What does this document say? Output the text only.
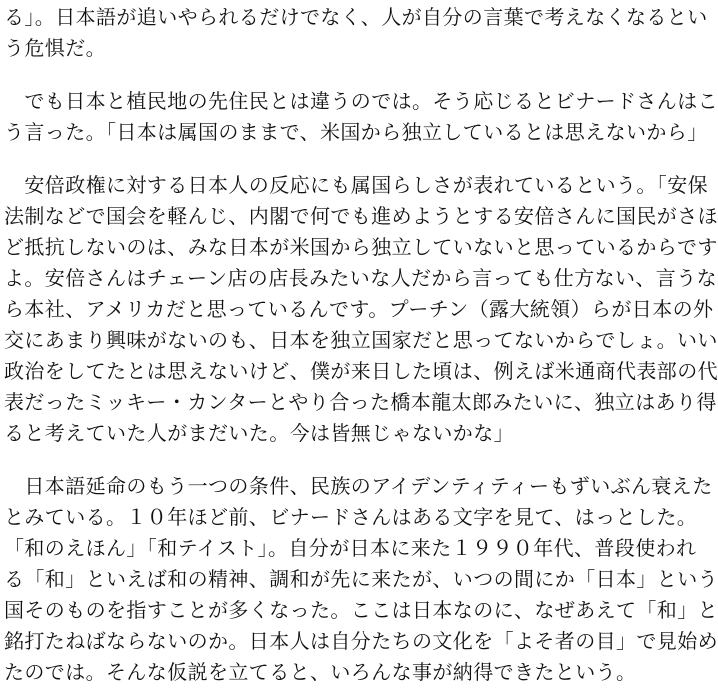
る」。日本語が追いやられるだけでなく、人が自分の言葉で考えなくなるとい
う危惧だ。
　でも日本と植民地の先住民とは違うのでは。そう応じるとビナードさんはこ
う言った。「日本は属国のままで、米国から独立しているとは思えないから」
　安倍政権に対する日本人の反応にも属国らしさが表れているという。「安保
法制などで国会を軽んじ、内閣で何でも進めようとする安倍さんに国民がさほ
ど抵抗しないのは、みな日本が米国から独立していないと思っているからです
よ。安倍さんはチェーン店の店長みたいな人だから言っても仕方ない、言うな
ら本社、アメリカだと思っているんです。プーチン（露大統領）らが日本の外
交にあまり興味がないのも、日本を独立国家だと思ってないからでしょ。いい
政治をしてたとは思えないけど、僕が来日した頃は、例えば米通商代表部の代
表だったミッキー・カンターとやり合った橋本龍太郎みたいに、独立はあり得
ると考えていた人がまだいた。今は皆無じゃないかな」
　日本語延命のもう一つの条件、民族のアイデンティティーもずいぶん衰えた
とみている。１０年ほど前、ビナードさんはある文字を見て、はっとした。
「和のえほん」「和テイスト」。自分が日本に来た１９９０年代、普段使われ
る「和」といえば和の精神、調和が先に来たが、いつの間にか「日本」という
国そのものを指すことが多くなった。ここは日本なのに、なぜあえて「和」と
銘打たねばならないのか。日本人は自分たちの文化を「よそ者の目」で見始め
たのでは。そんな仮説を立てると、いろんな事が納得できたという。
